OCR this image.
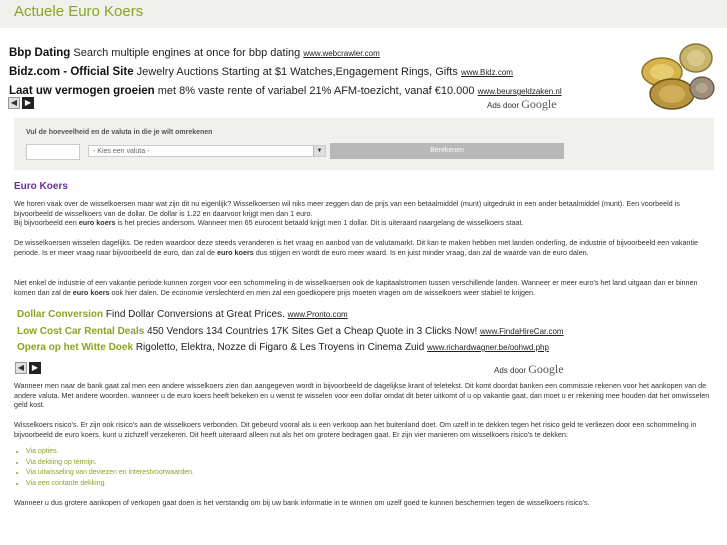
Actuele Euro Koers
Bbp Dating Search multiple engines at once for bbp dating www.webcrawler.com
Bidz.com - Official Site Jewelry Auctions Starting at $1 Watches,Engagement Rings, Gifts www.Bidz.com
Laat uw vermogen groeien met 8% vaste rente of variabel 21% AFM-toezicht, vanaf €10.000 www.beursgeldzaken.nl
◀ ▶	Ads door Google
Vul de hoeveelheid en de valuta in die je wilt omrekenen
- Kies een valuta -	▼	Berekenen
Euro Koers
We horen vaak over de wisselkoersen maar wat zijn dit nu eigenlijk? Wisselkoersen wil niks meer zeggen dan de prijs van een betaalmiddel (munt) uitgedrukt in een ander betaalmiddel (munt). Een voorbeeld is bijvoorbeeld de wisselkoers van de dollar. De dollar is 1.22 en daarvoor krijgt men dan 1 euro.
Bij bijvoorbeeld een euro koers is het precies andersom. Wanneer men 65 eurocent betaald krijgt men 1 dollar. Dit is uiteraard naargelang de wisselkoers staat.
De wisselkoersen wisselen dagelijks. De reden waardoor deze steeds veranderen is het vraag en aanbod van de valutamarkt. Dit kan te maken hebben met landen onderling, de industrie of bijvoorbeeld een vakantie periode. Is er meer vraag naar bijvoorbeeld de euro, dan zal de euro koers dus stijgen en wordt de euro meer waard. Is en juist minder vraag, dan zal de waarde van de euro dalen.
Niet enkel de industrie of een vakantie periode kunnen zorgen voor een schommeling in de wisselkoersen ook de kapitaalstromen tussen verschillende landen. Wanneer er meer euro's het land uitgaan dan er binnen komen dan zal de euro koers ook hier dalen. De economie verslechterd en men zal een goedkopere prijs moeten vragen om de wisselkoers weer stabiel te krijgen.
Dollar Conversion Find Dollar Conversions at Great Prices. www.Pronto.com
Low Cost Car Rental Deals 450 Vendors 134 Countries 17K Sites Get a Cheap Quote in 3 Clicks Now! www.FindaHireCar.com
Opera op het Witte Doek Rigoletto, Elektra, Nozze di Figaro & Les Troyens in Cinema Zuid www.richardwagner.be/oohwd.php
◀ ▶	Ads door Google
Wanneer men naar de bank gaat zal men een andere wisselkoers zien dan aangegeven wordt in bijvoorbeeld de dagelijkse krant of teletekst. Dit komt doordat banken een commissie rekenen voor het aankopen van de andere valuta. Met andere woorden. wanneer u de euro koers heeft bekeken en u wenst te wisselen voor een dollar omdat dit beter uitkomt of u op vakantie gaat, dan moet u er rekening mee houden dat het omwisselen geld kost.
Wisselkoers risico's. Er zijn ook risico's aan de wisselkoers verbonden. Dit gebeurd vooral als u een verkoop aan het buitenland doet. Om uzelf in te dekken tegen het risico geld te verliezen door een schommeling in bijvoorbeeld de euro koers. kunt u zichzelf verzekeren. Dit heeft uiteraard alleen nut als het om grotere bedragen gaat. Er zijn vier manieren om wisselkoers risico's te dekken:
• Via opties.
• Via dekking op termijn.
• Via uitwisseling van deviezen en interestvoorwaarden.
• Via een contante dekking.
Wanneer u dus grotere aankopen of verkopen gaat doen is het verstandig om bij uw bank informatie in te winnen om uzelf goed te kunnen beschermen tegen de wisselkoers risico's.
